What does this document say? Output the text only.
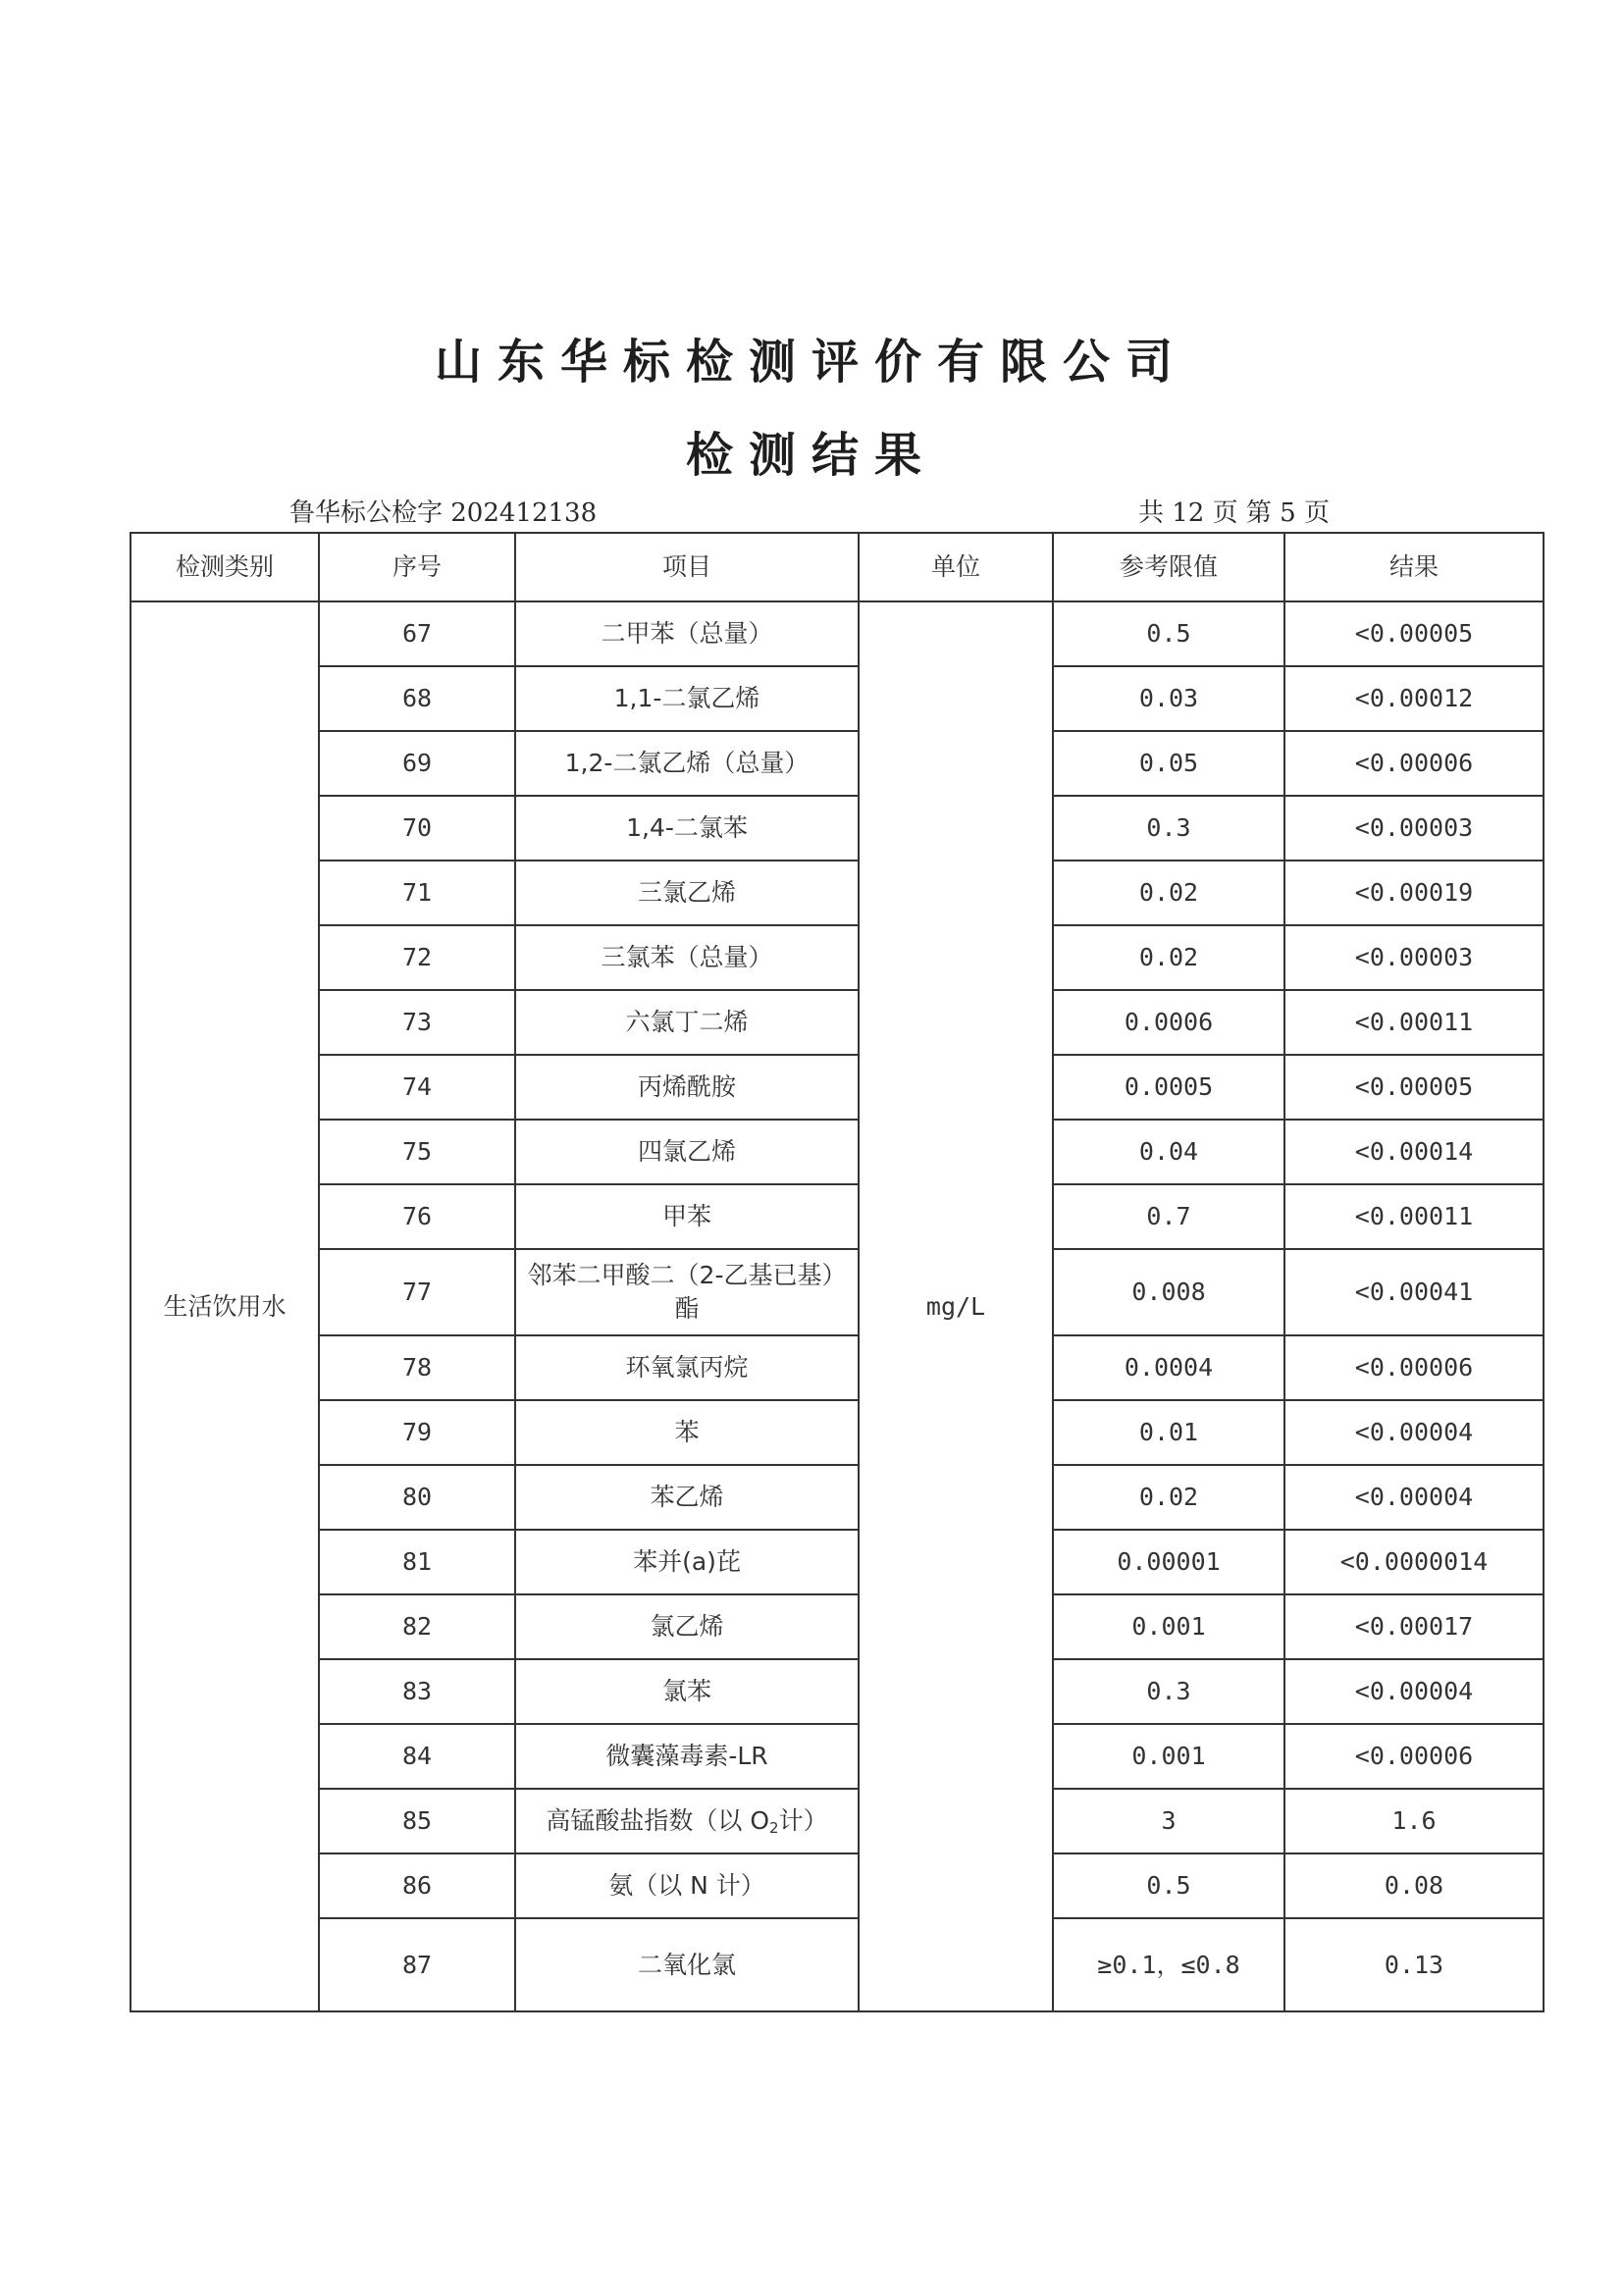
山东华标检测评价有限公司
检测结果
鲁华标公检字 202412138	共 12 页 第 5 页
检测类别	序号	项目	单位	参考限值	结果
生活饮用水	67	二甲苯（总量）	mg/L	0.5	<0.00005
	68	1,1-二氯乙烯		0.03	<0.00012
	69	1,2-二氯乙烯（总量）		0.05	<0.00006
	70	1,4-二氯苯		0.3	<0.00003
	71	三氯乙烯		0.02	<0.00019
	72	三氯苯（总量）		0.02	<0.00003
	73	六氯丁二烯		0.0006	<0.00011
	74	丙烯酰胺		0.0005	<0.00005
	75	四氯乙烯		0.04	<0.00014
	76	甲苯		0.7	<0.00011
	77	邻苯二甲酸二（2-乙基已基）酯		0.008	<0.00041
	78	环氧氯丙烷		0.0004	<0.00006
	79	苯		0.01	<0.00004
	80	苯乙烯		0.02	<0.00004
	81	苯并(a)芘		0.00001	<0.0000014
	82	氯乙烯		0.001	<0.00017
	83	氯苯		0.3	<0.00004
	84	微囊藻毒素-LR		0.001	<0.00006
	85	高锰酸盐指数（以 $O_2$计）		3	1.6
	86	氨（以 N 计）		0.5	0.08
	87	二氧化氯		≥0.1，≤0.8	0.13
